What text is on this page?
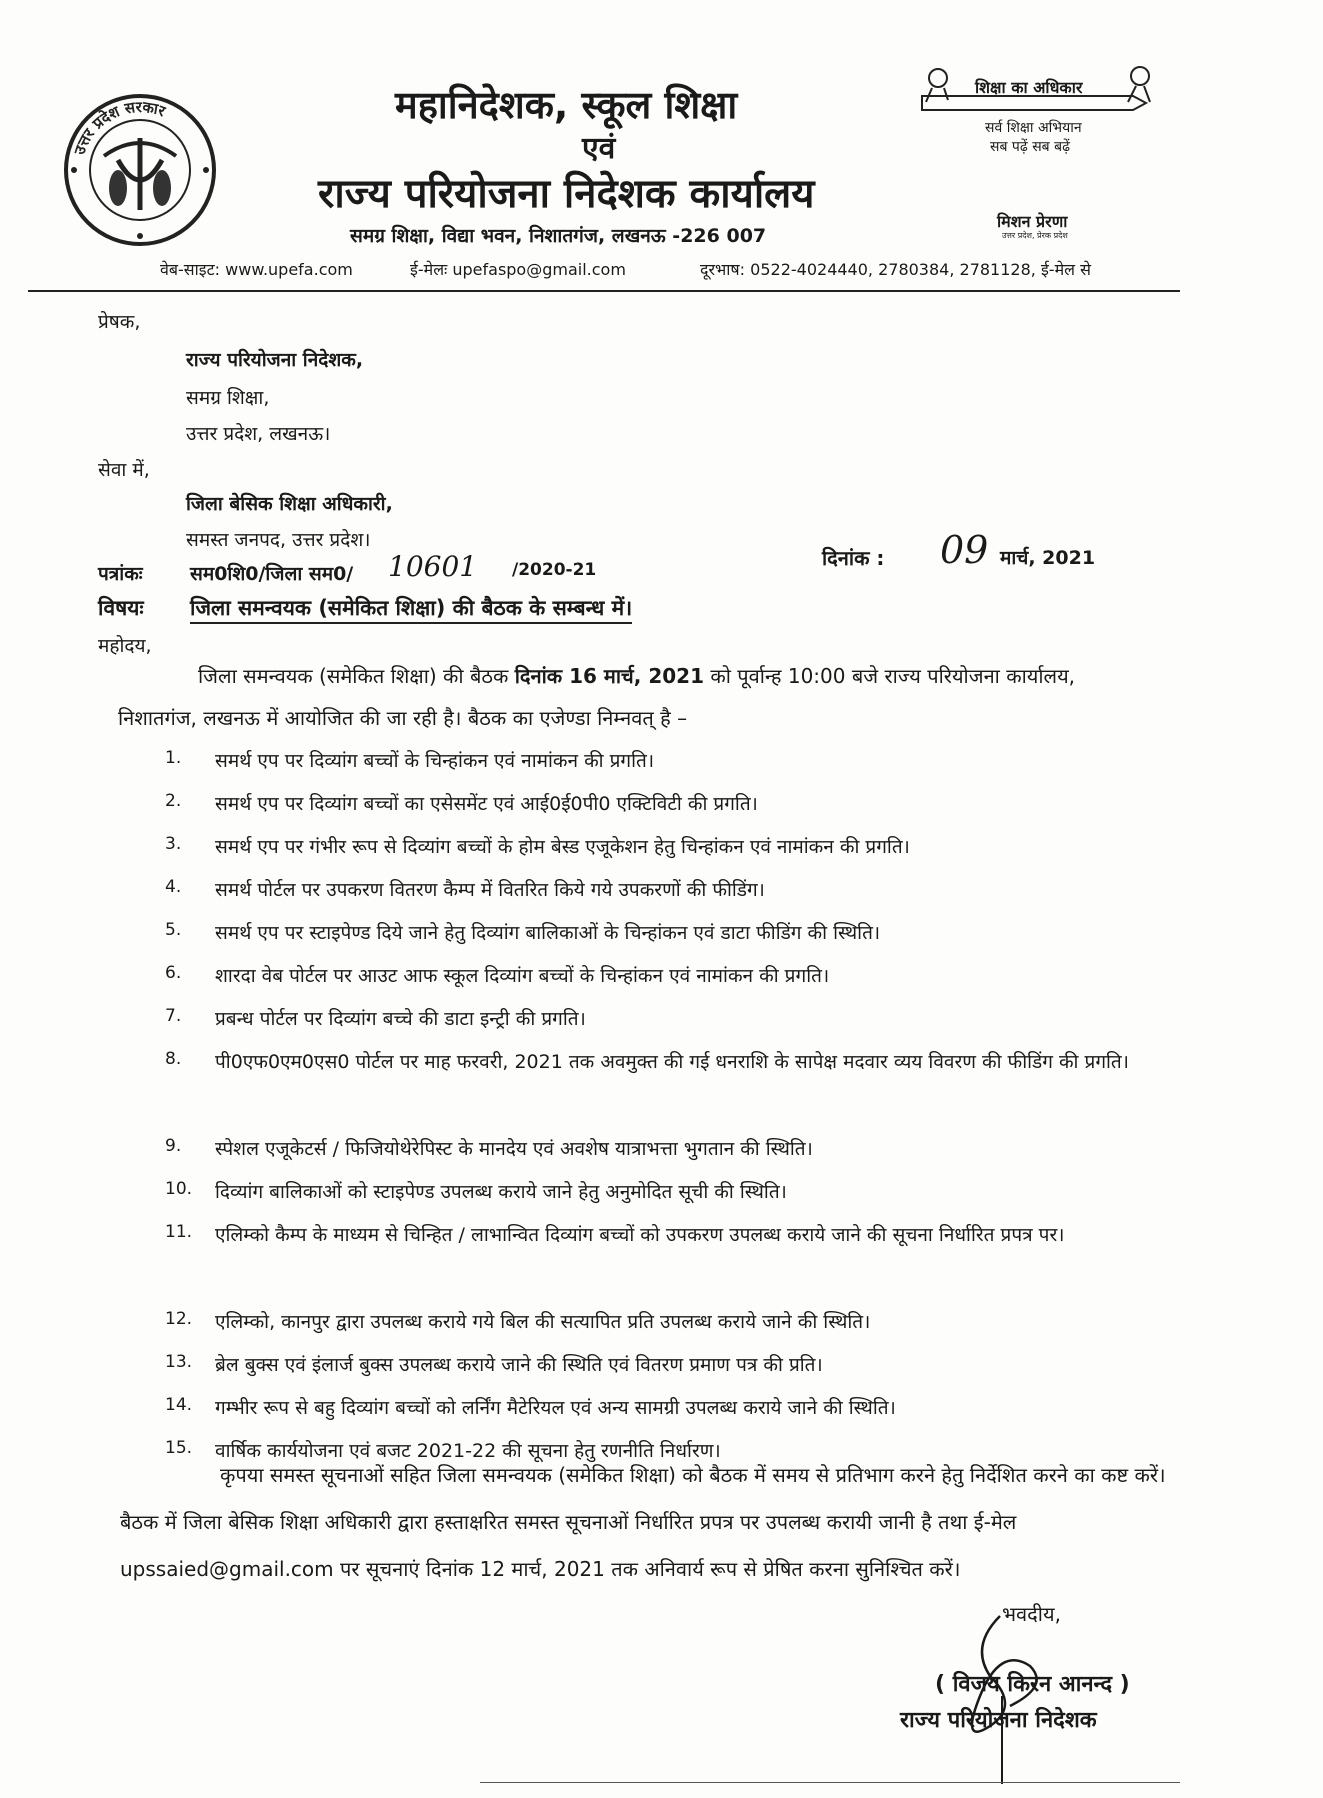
उत्तर प्रदेश सरकार	महानिदेशक, स्कूल शिक्षा
एवं
राज्य परियोजना निदेशक कार्यालय
समग्र शिक्षा, विद्या भवन, निशातगंज, लखनऊ -226 007
वेब-साइट: www.upefa.com	ई-मेलः upefaspo@gmail.com	दूरभाष: 0522-4024440, 2780384, 2781128, ई-मेल से
शिक्षा का अधिकार
सर्व शिक्षा अभियान
सब पढ़ें सब बढ़ें
मिशन प्रेरणा
उत्तर प्रदेश, प्रेरक प्रदेश
प्रेषक,
राज्य परियोजना निदेशक,
समग्र शिक्षा,
उत्तर प्रदेश, लखनऊ।
सेवा में,
जिला बेसिक शिक्षा अधिकारी,
समस्त जनपद, उत्तर प्रदेश।
पत्रांकः सम0शि0/जिला सम0/ 10601 /2020-21	दिनांक : 09 मार्च, 2021
विषयः जिला समन्वयक (समेकित शिक्षा) की बैठक के सम्बन्ध में।
महोदय,
जिला समन्वयक (समेकित शिक्षा) की बैठक दिनांक 16 मार्च, 2021 को पूर्वान्ह 10:00 बजे राज्य परियोजना कार्यालय,
निशातगंज, लखनऊ में आयोजित की जा रही है। बैठक का एजेण्डा निम्नवत् है –
1.	समर्थ एप पर दिव्यांग बच्चों के चिन्हांकन एवं नामांकन की प्रगति।
2.	समर्थ एप पर दिव्यांग बच्चों का एसेसमेंट एवं आई0ई0पी0 एक्टिविटी की प्रगति।
3.	समर्थ एप पर गंभीर रूप से दिव्यांग बच्चों के होम बेस्ड एजूकेशन हेतु चिन्हांकन एवं नामांकन की प्रगति।
4.	समर्थ पोर्टल पर उपकरण वितरण कैम्प में वितरित किये गये उपकरणों की फीडिंग।
5.	समर्थ एप पर स्टाइपेण्ड दिये जाने हेतु दिव्यांग बालिकाओं के चिन्हांकन एवं डाटा फीडिंग की स्थिति।
6.	शारदा वेब पोर्टल पर आउट आफ स्कूल दिव्यांग बच्चों के चिन्हांकन एवं नामांकन की प्रगति।
7.	प्रबन्ध पोर्टल पर दिव्यांग बच्चे की डाटा इन्ट्री की प्रगति।
8.	पी0एफ0एम0एस0 पोर्टल पर माह फरवरी, 2021 तक अवमुक्त की गई धनराशि के सापेक्ष मदवार व्यय विवरण की फीडिंग की प्रगति।
9.	स्पेशल एजूकेटर्स / फिजियोथेरेपिस्ट के मानदेय एवं अवशेष यात्राभत्ता भुगतान की स्थिति।
10.	दिव्यांग बालिकाओं को स्टाइपेण्ड उपलब्ध कराये जाने हेतु अनुमोदित सूची की स्थिति।
11.	एलिम्को कैम्प के माध्यम से चिन्हित / लाभान्वित दिव्यांग बच्चों को उपकरण उपलब्ध कराये जाने की सूचना निर्धारित प्रपत्र पर।
12.	एलिम्को, कानपुर द्वारा उपलब्ध कराये गये बिल की सत्यापित प्रति उपलब्ध कराये जाने की स्थिति।
13.	ब्रेल बुक्स एवं इंलार्ज बुक्स उपलब्ध कराये जाने की स्थिति एवं वितरण प्रमाण पत्र की प्रति।
14.	गम्भीर रूप से बहु दिव्यांग बच्चों को लर्निंग मैटेरियल एवं अन्य सामग्री उपलब्ध कराये जाने की स्थिति।
15.	वार्षिक कार्ययोजना एवं बजट 2021-22 की सूचना हेतु रणनीति निर्धारण।
कृपया समस्त सूचनाओं सहित जिला समन्वयक (समेकित शिक्षा) को बैठक में समय से प्रतिभाग करने हेतु निर्देशित करने का कष्ट करें। बैठक में जिला बेसिक शिक्षा अधिकारी द्वारा हस्ताक्षरित समस्त सूचनाओं निर्धारित प्रपत्र पर उपलब्ध करायी जानी है तथा ई-मेल upssaied@gmail.com पर सूचनाएं दिनांक 12 मार्च, 2021 तक अनिवार्य रूप से प्रेषित करना सुनिश्चित करें।
भवदीय,
( विजय किरन आनन्द )
राज्य परियोजना निदेशक
